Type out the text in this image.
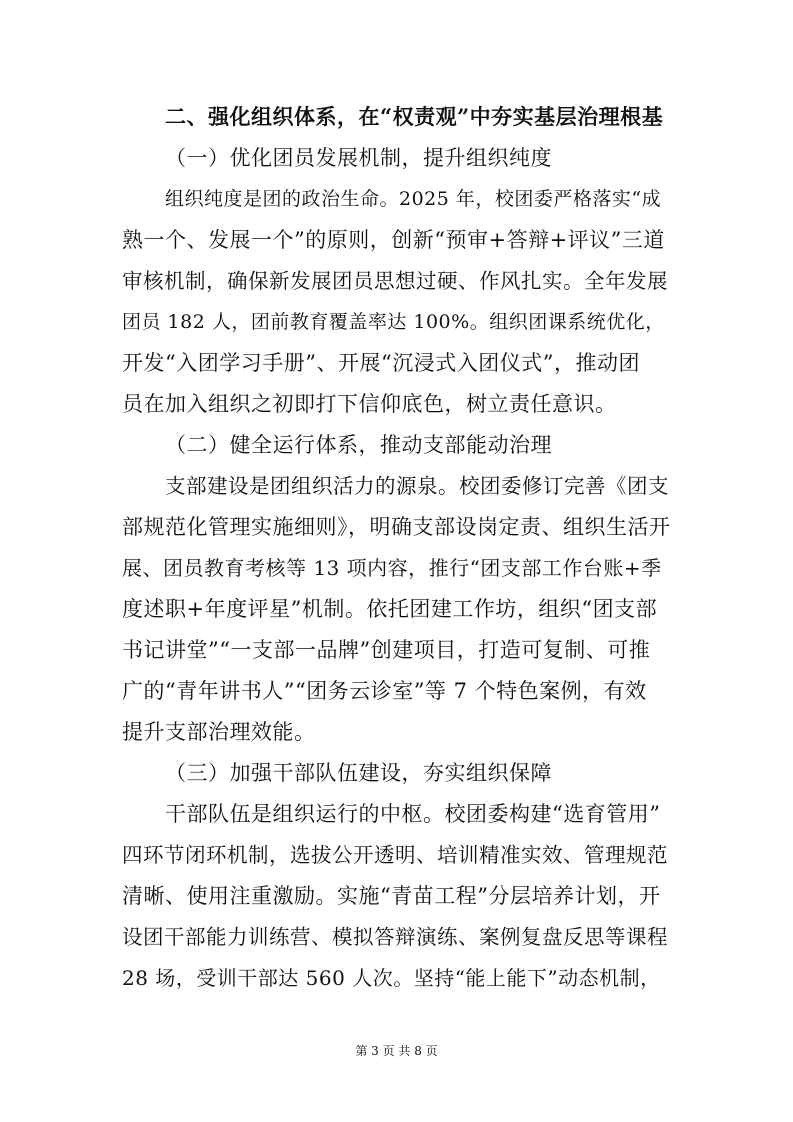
二、强化组织体系，在“权责观”中夯实基层治理根基
（一）优化团员发展机制，提升组织纯度
组织纯度是团的政治生命。2025 年，校团委严格落实“成
熟一个、发展一个”的原则，创新“预审+答辩+评议”三道
审核机制，确保新发展团员思想过硬、作风扎实。全年发展
团员 182 人，团前教育覆盖率达 100%。组织团课系统优化，
开发“入团学习手册”、开展“沉浸式入团仪式”，推动团
员在加入组织之初即打下信仰底色，树立责任意识。
（二）健全运行体系，推动支部能动治理
支部建设是团组织活力的源泉。校团委修订完善《团支
部规范化管理实施细则》，明确支部设岗定责、组织生活开
展、团员教育考核等 13 项内容，推行“团支部工作台账+季
度述职+年度评星”机制。依托团建工作坊，组织“团支部
书记讲堂”“一支部一品牌”创建项目，打造可复制、可推
广的“青年讲书人”“团务云诊室”等 7 个特色案例，有效
提升支部治理效能。
（三）加强干部队伍建设，夯实组织保障
干部队伍是组织运行的中枢。校团委构建“选育管用”
四环节闭环机制，选拔公开透明、培训精准实效、管理规范
清晰、使用注重激励。实施“青苗工程”分层培养计划，开
设团干部能力训练营、模拟答辩演练、案例复盘反思等课程
28 场，受训干部达 560 人次。坚持“能上能下”动态机制，
第 3 页 共 8 页
